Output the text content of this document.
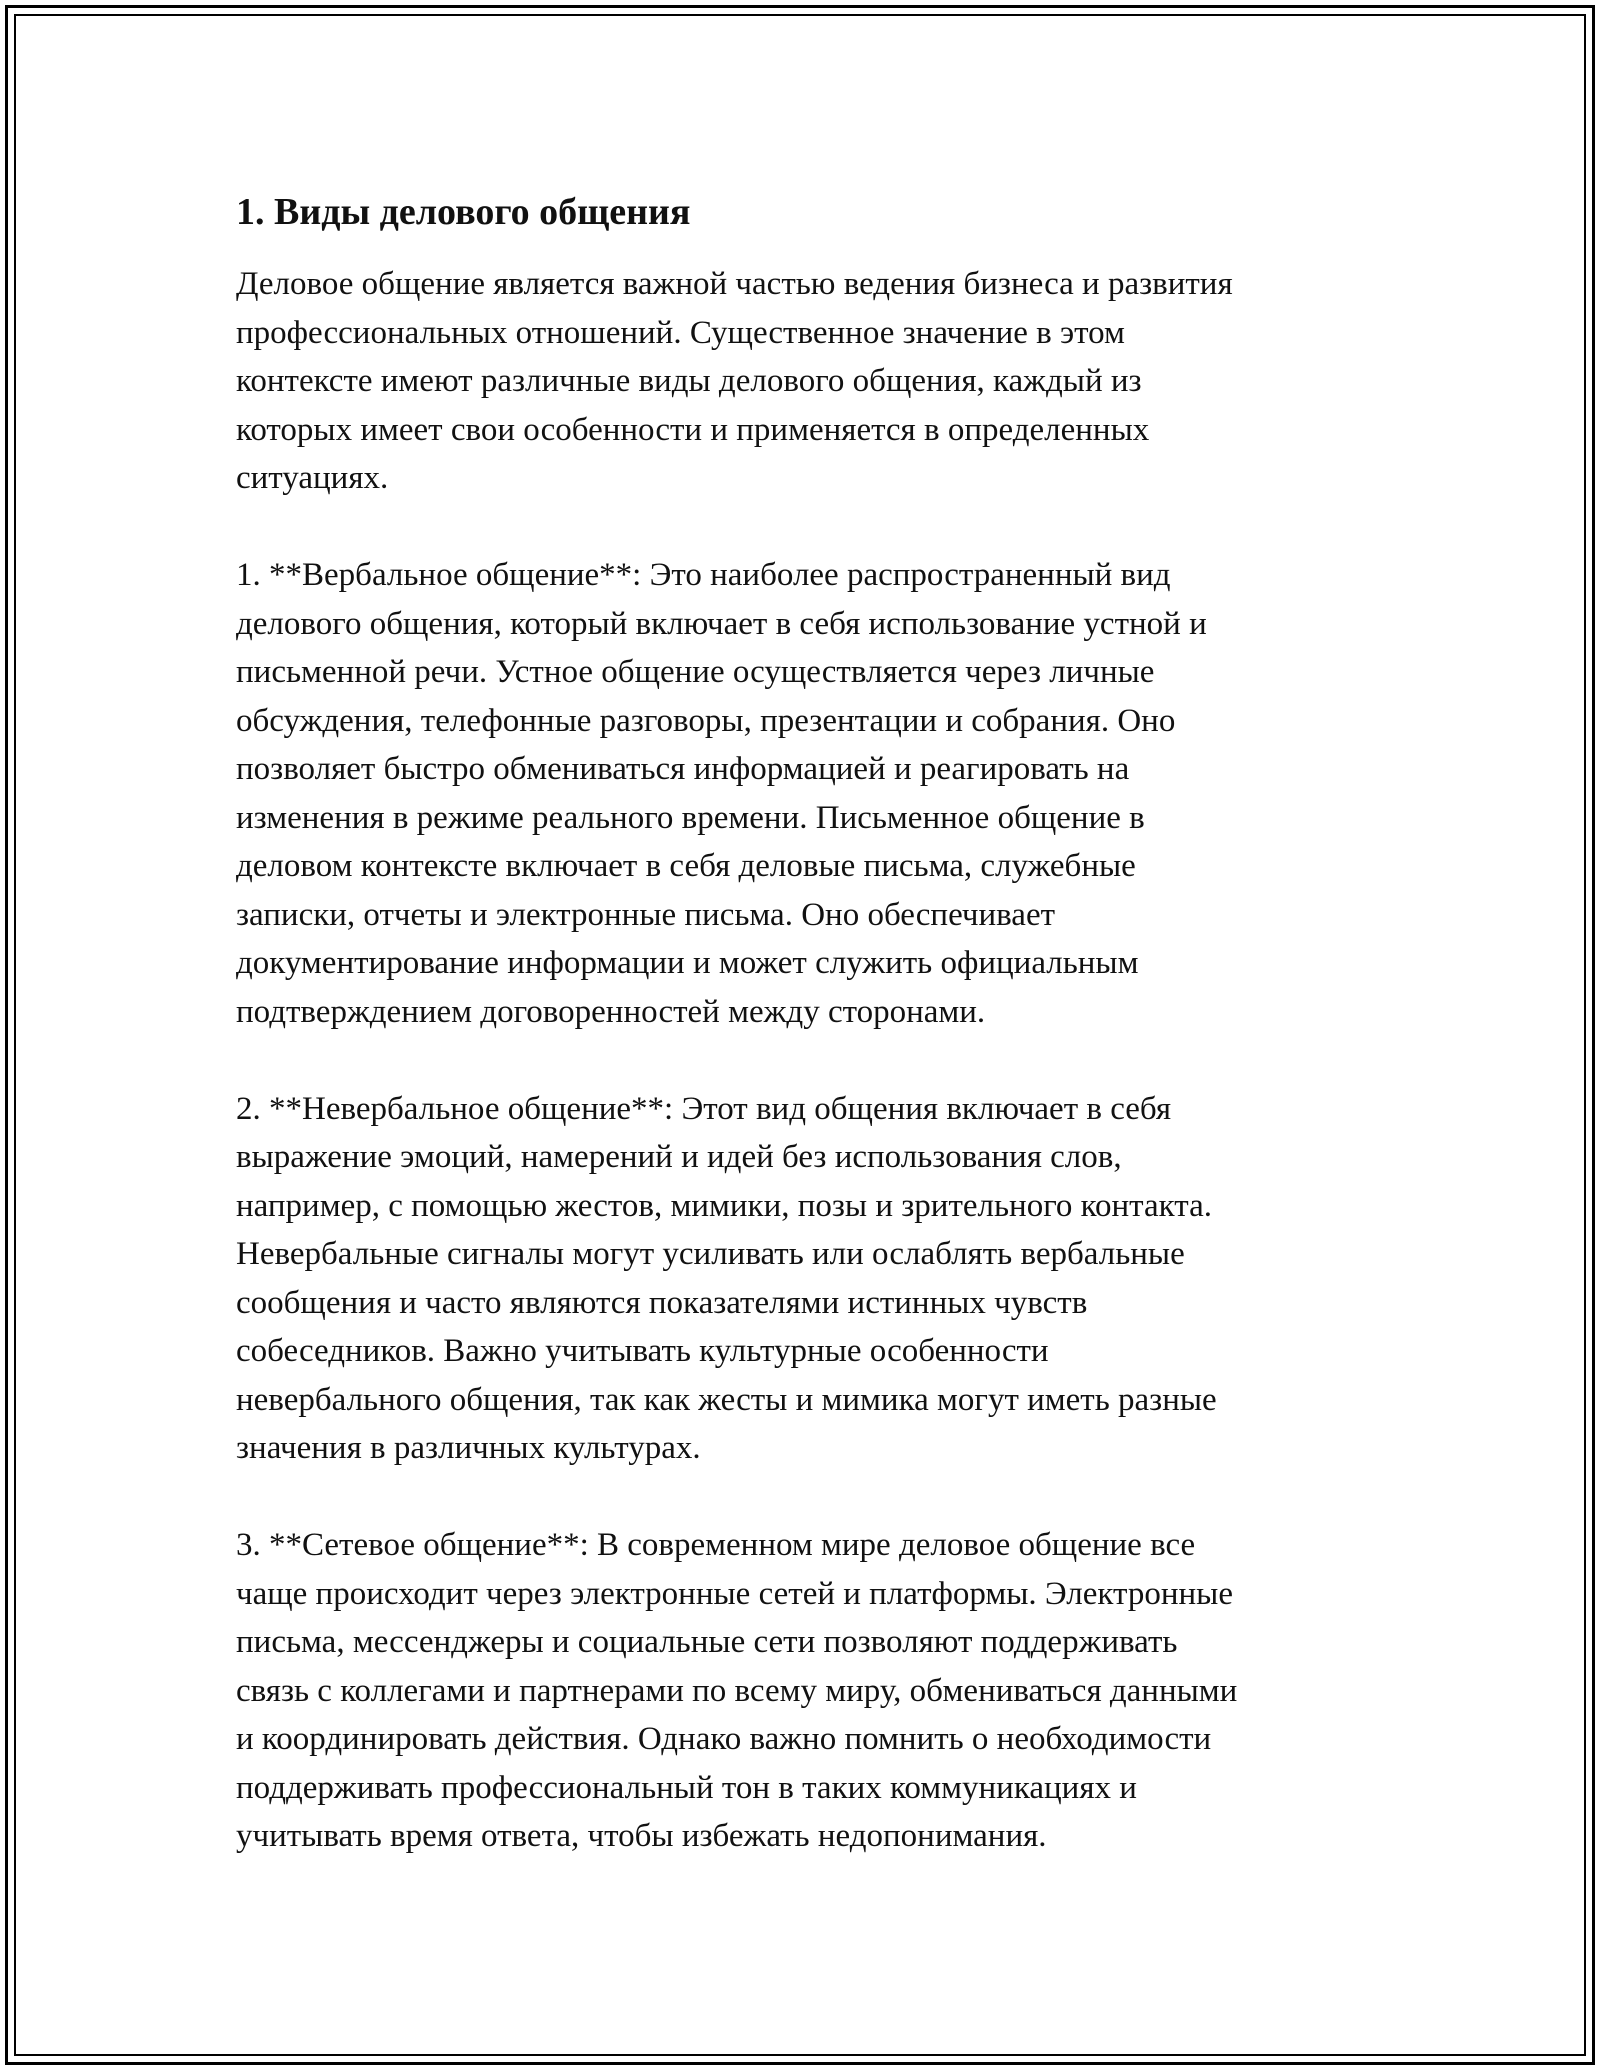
1. Виды делового общения

Деловое общение является важной частью ведения бизнеса и развития
профессиональных отношений. Существенное значение в этом
контексте имеют различные виды делового общения, каждый из
которых имеет свои особенности и применяется в определенных
ситуациях.

1. **Вербальное общение**: Это наиболее распространенный вид
делового общения, который включает в себя использование устной и
письменной речи. Устное общение осуществляется через личные
обсуждения, телефонные разговоры, презентации и собрания. Оно
позволяет быстро обмениваться информацией и реагировать на
изменения в режиме реального времени. Письменное общение в
деловом контексте включает в себя деловые письма, служебные
записки, отчеты и электронные письма. Оно обеспечивает
документирование информации и может служить официальным
подтверждением договоренностей между сторонами.

2. **Невербальное общение**: Этот вид общения включает в себя
выражение эмоций, намерений и идей без использования слов,
например, с помощью жестов, мимики, позы и зрительного контакта.
Невербальные сигналы могут усиливать или ослаблять вербальные
сообщения и часто являются показателями истинных чувств
собеседников. Важно учитывать культурные особенности
невербального общения, так как жесты и мимика могут иметь разные
значения в различных культурах.

3. **Сетевое общение**: В современном мире деловое общение все
чаще происходит через электронные сетей и платформы. Электронные
письма, мессенджеры и социальные сети позволяют поддерживать
связь с коллегами и партнерами по всему миру, обмениваться данными
и координировать действия. Однако важно помнить о необходимости
поддерживать профессиональный тон в таких коммуникациях и
учитывать время ответа, чтобы избежать недопонимания.
